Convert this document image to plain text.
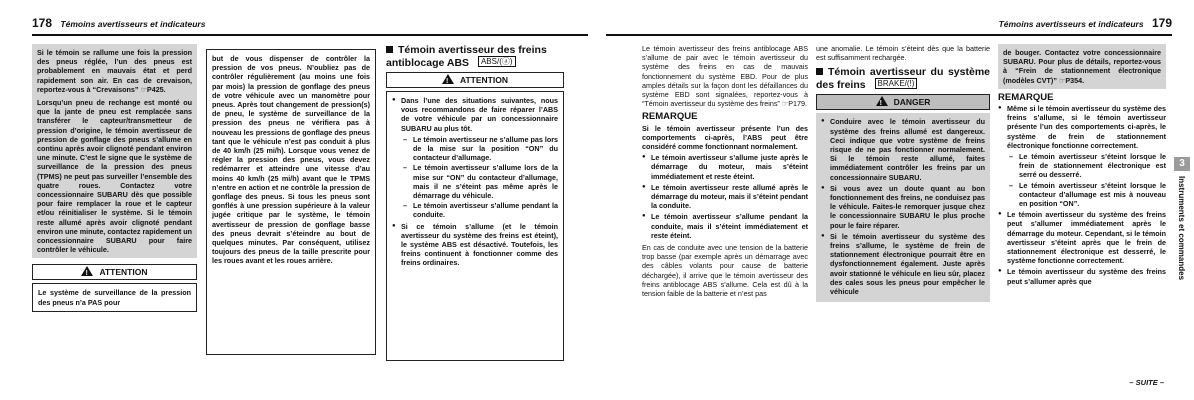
178 Témoins avertisseurs et indicateurs

Si le témoin se rallume une fois la pression des pneus réglée, l’un des pneus est probablement en mauvais état et perd rapidement son air. En cas de crevaison, reportez-vous à “Crevaisons” ☞P425.

Lorsqu’un pneu de rechange est monté ou que la jante de pneu est remplacée sans transférer le capteur/transmetteur de pression d’origine, le témoin avertisseur de pression de gonflage des pneus s’allume en continu après avoir clignoté pendant environ une minute. C’est le signe que le système de surveillance de la pression des pneus (TPMS) ne peut pas surveiller l’ensemble des quatre roues. Contactez votre concessionnaire SUBARU dès que possible pour faire remplacer la roue et le capteur et/ou réinitialiser le système. Si le témoin reste allumé après avoir clignoté pendant environ une minute, contactez rapidement un concessionnaire SUBARU pour faire contrôler le véhicule.

!ATTENTION
Le système de surveillance de la pression des pneus n’a PAS pour
but de vous dispenser de contrôler la pression de vos pneus. N’oubliez pas de contrôler régulièrement (au moins une fois par mois) la pression de gonflage des pneus de votre véhicule avec un manomètre pour pneus. Après tout changement de pression(s) de pneu, le système de surveillance de la pression des pneus ne vérifiera pas à nouveau les pressions de gonflage des pneus tant que le véhicule n’est pas conduit à plus de 40 km/h (25 mi/h). Lorsque vous venez de régler la pression des pneus, vous devez redémarrer et atteindre une vitesse d’au moins 40 km/h (25 mi/h) avant que le TPMS n’entre en action et ne contrôle la pression de gonflage des pneus. Si tous les pneus sont gonflés à une pression supérieure à la valeur jugée critique par le système, le témoin avertisseur de pression de gonflage basse des pneus devrait s’éteindre au bout de quelques minutes. Par conséquent, utilisez toujours des pneus de la taille prescrite pour les roues avant et les roues arrière.
Témoin avertisseur des freins antiblocage ABS ABS/(ⓐ)
!ATTENTION
● Dans l’une des situations suivantes, nous vous recommandons de faire réparer l’ABS de votre véhicule par un concessionnaire SUBARU au plus tôt.
– Le témoin avertisseur ne s’allume pas lors de la mise sur la position “ON” du contacteur d’allumage.
– Le témoin avertisseur s’allume lors de la mise sur “ON” du contacteur d’allumage, mais il ne s’éteint pas même après le démarrage du véhicule.
– Le témoin avertisseur s’allume pendant la conduite.
● Si ce témoin s’allume (et le témoin avertisseur du système des freins est éteint), le système ABS est désactivé. Toutefois, les freins continuent à fonctionner comme des freins ordinaires.
Témoins avertisseurs et indicateurs 179

Le témoin avertisseur des freins antiblocage ABS s’allume de pair avec le témoin avertisseur du système des freins en cas de mauvais fonctionnement du système EBD. Pour de plus amples détails sur la façon dont les défaillances du système EBD sont signalées, reportez-vous à “Témoin avertisseur du système des freins” ☞P179.

REMARQUE

Si le témoin avertisseur présente l’un des comportements ci-après, l’ABS peut être considéré comme fonctionnant normalement.

● Le témoin avertisseur s’allume juste après le démarrage du moteur, mais s’éteint immédiatement et reste éteint.
● Le témoin avertisseur reste allumé après le démarrage du moteur, mais il s’éteint pendant la conduite.
● Le témoin avertisseur s’allume pendant la conduite, mais il s’éteint immédiatement et reste éteint.

En cas de conduite avec une tension de la batterie trop basse (par exemple après un démarrage avec des câbles volants pour cause de batterie déchargée), il arrive que le témoin avertisseur des freins antiblocage ABS s’allume. Cela est dû à la tension faible de la batterie et n’est pas

une anomalie. Le témoin s’éteint dès que la batterie est suffisamment rechargée.

Témoin avertisseur du système des freins BRAKE/(!)
!DANGER
● Conduire avec le témoin avertisseur du système des freins allumé est dangereux. Ceci indique que votre système de freins risque de ne pas fonctionner normalement. Si le témoin reste allumé, faites immédiatement contrôler les freins par un concessionnaire SUBARU.
● Si vous avez un doute quant au bon fonctionnement des freins, ne conduisez pas le véhicule. Faites-le remorquer jusque chez le concessionnaire SUBARU le plus proche pour le faire réparer.
● Si le témoin avertisseur du système des freins s’allume, le système de frein de stationnement électronique pourrait être en dysfonctionnement également. Juste après avoir stationné le véhicule en lieu sûr, placez des cales sous les pneus pour empêcher le véhicule
de bouger. Contactez votre concessionnaire SUBARU. Pour plus de détails, reportez-vous à “Frein de stationnement électronique (modèles CVT)” ☞P354.
REMARQUE
● Même si le témoin avertisseur du système des freins s’allume, si le témoin avertisseur présente l’un des comportements ci-après, le système de frein de stationnement électronique fonctionne correctement.
– Le témoin avertisseur s’éteint lorsque le frein de stationnement électronique est serré ou desserré.
– Le témoin avertisseur s’éteint lorsque le contacteur d’allumage est mis à nouveau en position “ON”.
● Le témoin avertisseur du système des freins peut s’allumer immédiatement après le démarrage du moteur. Cependant, si le témoin avertisseur s’éteint après que le frein de stationnement électronique est desserré, le système fonctionne correctement.
● Le témoin avertisseur du système des freins peut s’allumer après que
3
Instruments et commandes
– SUITE –
